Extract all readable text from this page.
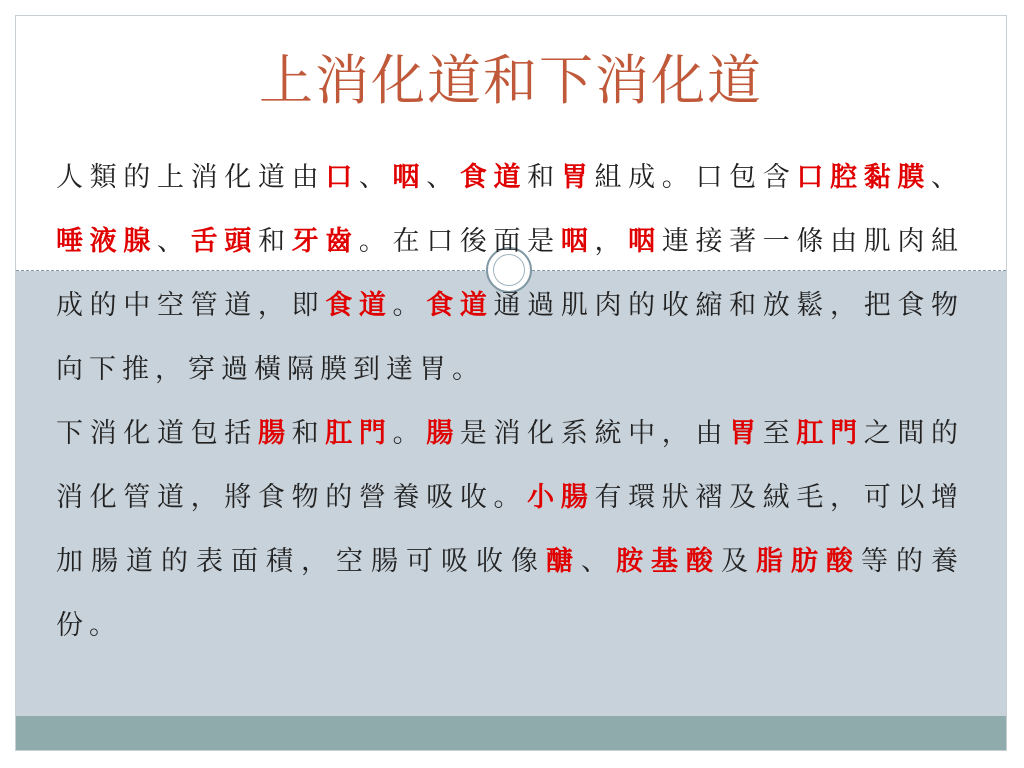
上消化道和下消化道

人類的上消化道由口、咽、食道和胃組成。口包含口腔黏膜、唾液腺、舌頭和牙齒。在口後面是咽，咽連接著一條由肌肉組成的中空管道，即食道。食道通過肌肉的收縮和放鬆，把食物向下推，穿過橫隔膜到達胃。

下消化道包括腸和肛門。腸是消化系統中，由胃至肛門之間的消化管道，將食物的營養吸收。小腸有環狀褶及絨毛，可以增加腸道的表面積，空腸可吸收像醣、胺基酸及脂肪酸等的養份。
